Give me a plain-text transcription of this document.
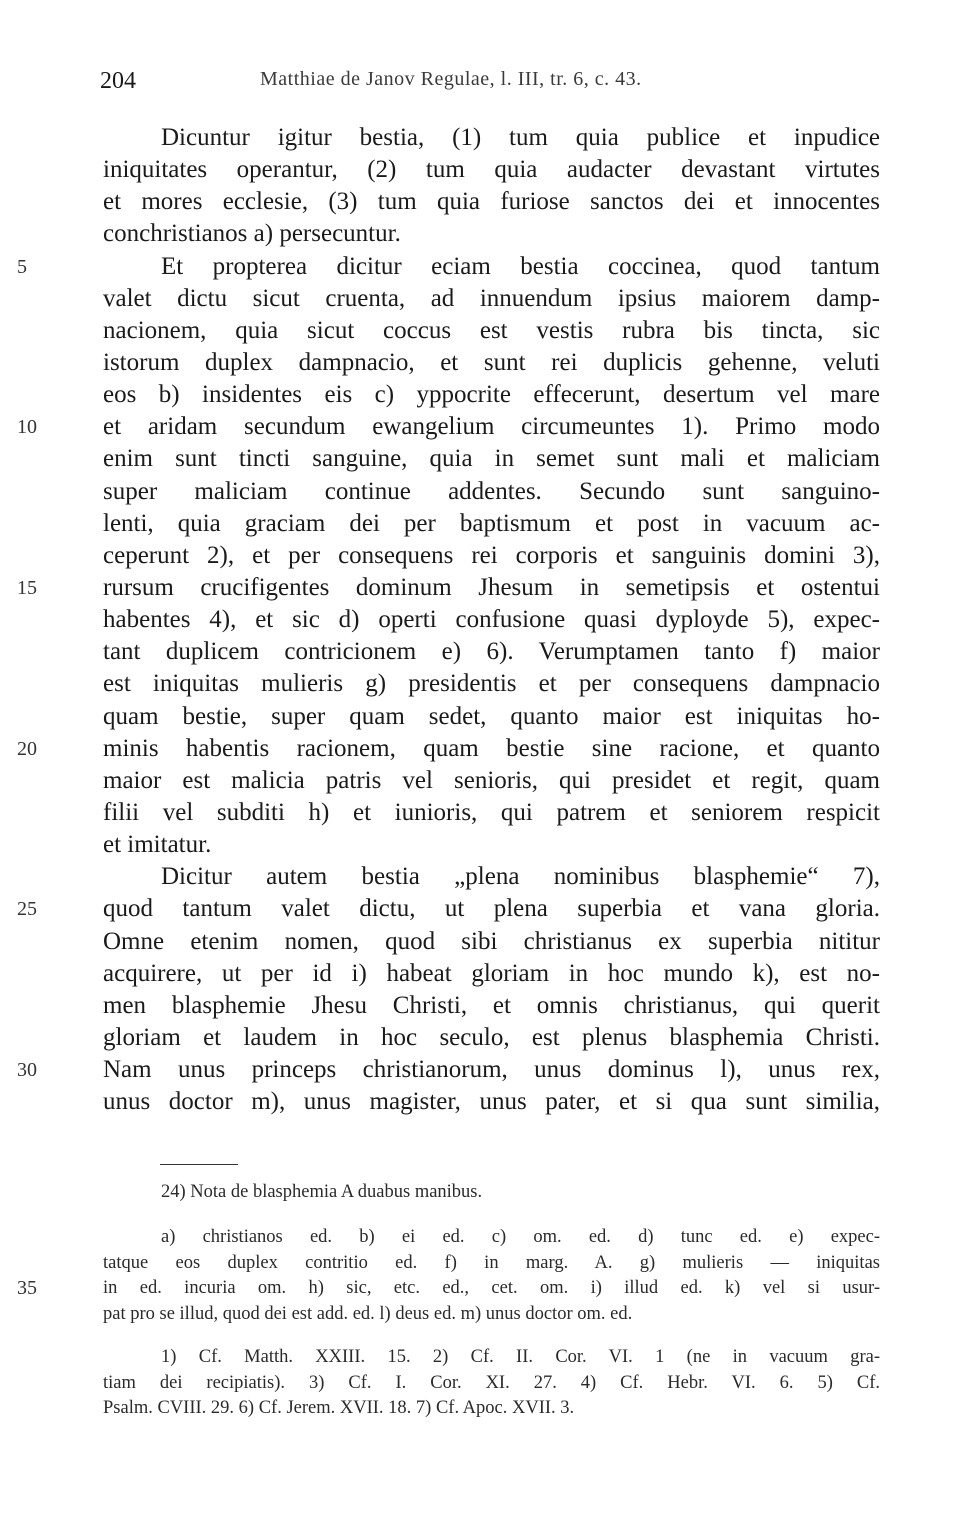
204	Matthiae de Janov Regulae, l. III, tr. 6, c. 43.
Dicuntur igitur bestia, (1) tum quia publice et inpudice
iniquitates operantur, (2) tum quia audacter devastant virtutes
et mores ecclesie, (3) tum quia furiose sanctos dei et innocentes
conchristianos a) persecuntur.
Et propterea dicitur eciam bestia coccinea, quod tantum
5
valet dictu sicut cruenta, ad innuendum ipsius maiorem damp-
nacionem, quia sicut coccus est vestis rubra bis tincta, sic
istorum duplex dampnacio, et sunt rei duplicis gehenne, veluti
eos b) insidentes eis c) yppocrite effecerunt, desertum vel mare
et aridam secundum ewangelium circumeuntes 1). Primo modo
10
enim sunt tincti sanguine, quia in semet sunt mali et maliciam
super maliciam continue addentes. Secundo sunt sanguino-
lenti, quia graciam dei per baptismum et post in vacuum ac-
ceperunt 2), et per consequens rei corporis et sanguinis domini 3),
rursum crucifigentes dominum Jhesum in semetipsis et ostentui
15
habentes 4), et sic d) operti confusione quasi dyployde 5), expec-
tant duplicem contricionem e) 6). Verumptamen tanto f) maior
est iniquitas mulieris g) presidentis et per consequens dampnacio
quam bestie, super quam sedet, quanto maior est iniquitas ho-
minis habentis racionem, quam bestie sine racione, et quanto
20
maior est malicia patris vel senioris, qui presidet et regit, quam
filii vel subditi h) et iunioris, qui patrem et seniorem respicit
et imitatur.
Dicitur autem bestia „plena nominibus blasphemie“ 7),
quod tantum valet dictu, ut plena superbia et vana gloria.
25
Omne etenim nomen, quod sibi christianus ex superbia nititur
acquirere, ut per id i) habeat gloriam in hoc mundo k), est no-
men blasphemie Jhesu Christi, et omnis christianus, qui querit
gloriam et laudem in hoc seculo, est plenus blasphemia Christi.
Nam unus princeps christianorum, unus dominus l), unus rex,
30
unus doctor m), unus magister, unus pater, et si qua sunt similia,
24) Nota de blasphemia A duabus manibus.
a) christianos ed. b) ei ed. c) om. ed. d) tunc ed. e) expec-
tatque eos duplex contritio ed. f) in marg. A. g) mulieris — iniquitas
in ed. incuria om. h) sic, etc. ed., cet. om. i) illud ed. k) vel si usur-
35
pat pro se illud, quod dei est add. ed. l) deus ed. m) unus doctor om. ed.
1) Cf. Matth. XXIII. 15. 2) Cf. II. Cor. VI. 1 (ne in vacuum gra-
tiam dei recipiatis). 3) Cf. I. Cor. XI. 27. 4) Cf. Hebr. VI. 6. 5) Cf.
Psalm. CVIII. 29. 6) Cf. Jerem. XVII. 18. 7) Cf. Apoc. XVII. 3.
